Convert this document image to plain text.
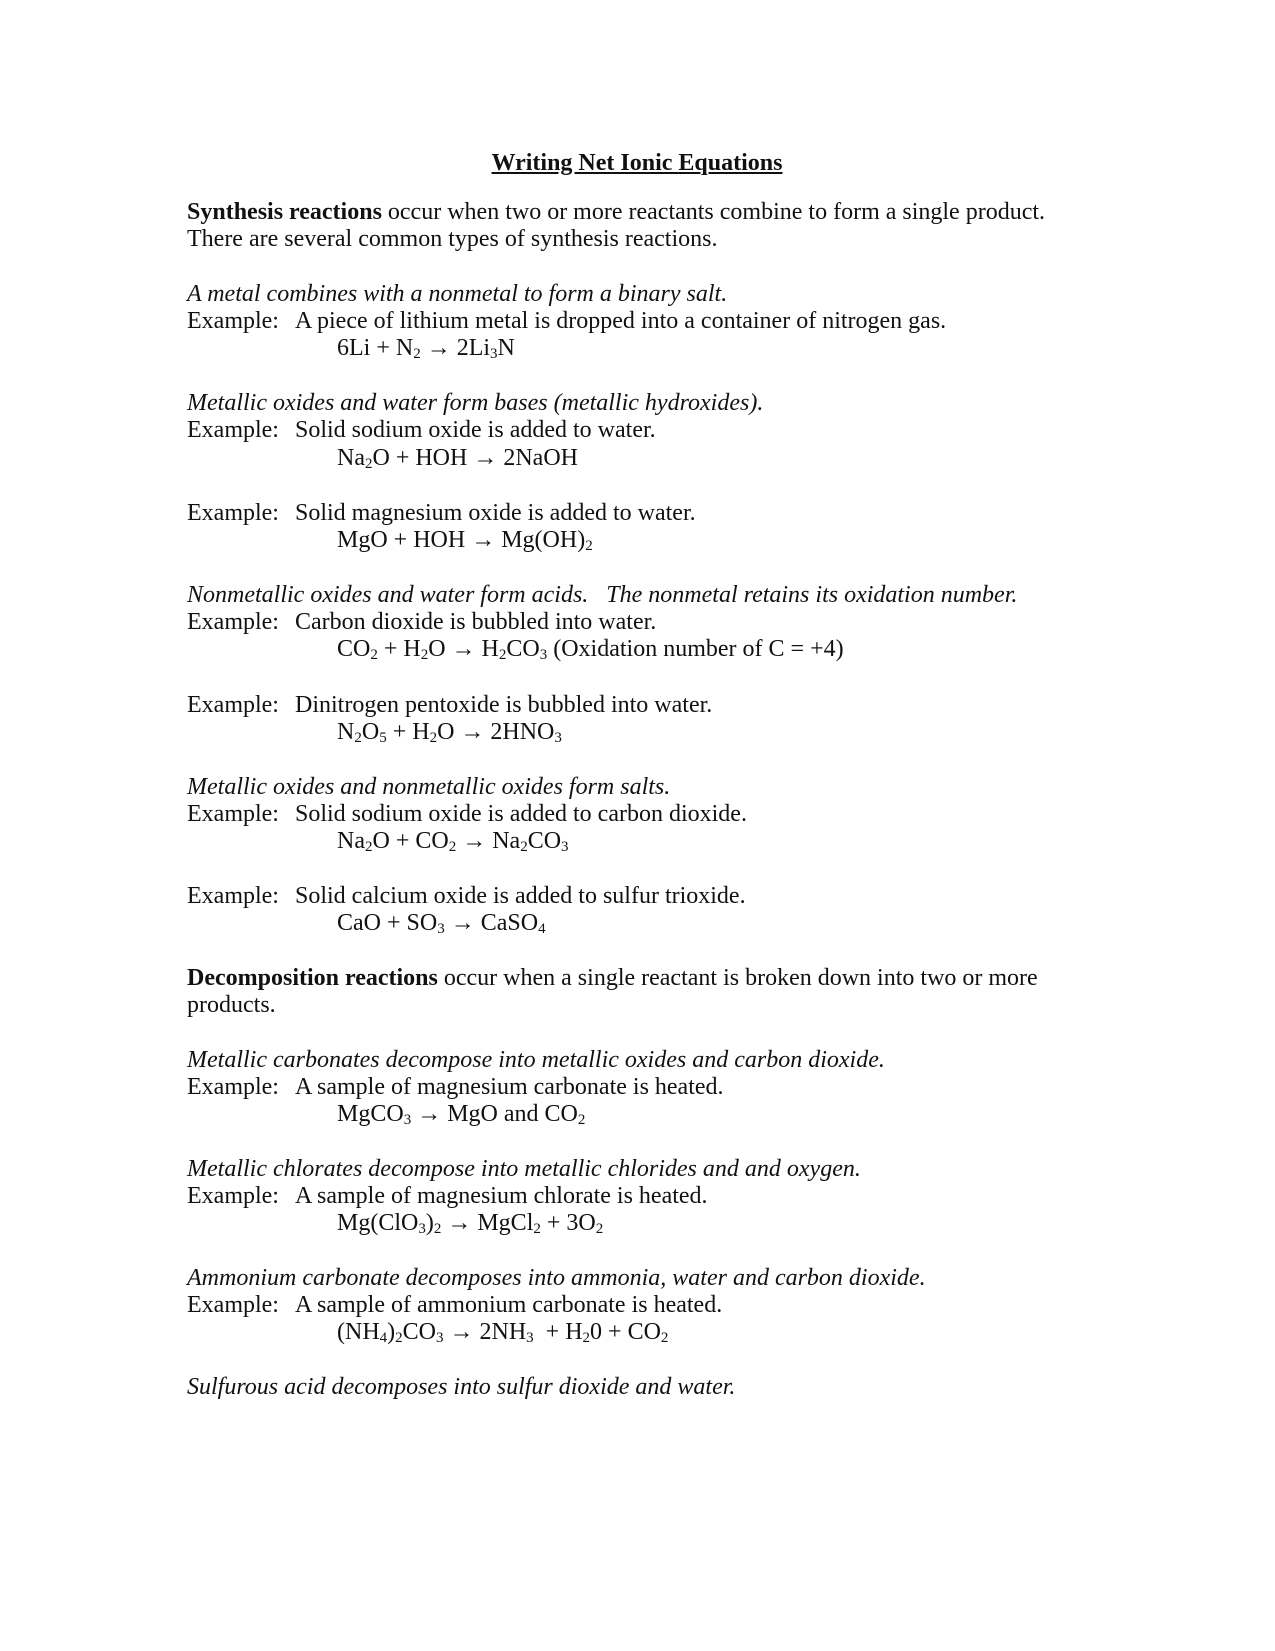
Writing Net Ionic Equations
Synthesis reactions occur when two or more reactants combine to form a single product.
There are several common types of synthesis reactions.
A metal combines with a nonmetal to form a binary salt.
Example: A piece of lithium metal is dropped into a container of nitrogen gas.
$6Li + N_2 \to 2Li_3N$
Metallic oxides and water form bases (metallic hydroxides).
Example: Solid sodium oxide is added to water.
$Na_2O$ + HOH → 2NaOH
Example: Solid magnesium oxide is added to water.
MgO + HOH → $Mg(OH)_2$
Nonmetallic oxides and water form acids.   The nonmetal retains its oxidation number.
Example: Carbon dioxide is bubbled into water.
$CO_2 + H_2O \to H_2CO_3$ (Oxidation number of C = +4)
Example: Dinitrogen pentoxide is bubbled into water.
$N_2O_5 + H_2O \to 2HNO_3$
Metallic oxides and nonmetallic oxides form salts.
Example: Solid sodium oxide is added to carbon dioxide.
$Na_2O + CO_2 \to Na_2CO_3$
Example: Solid calcium oxide is added to sulfur trioxide.
CaO + $SO_3$ → CaSO$_4$
Decomposition reactions occur when a single reactant is broken down into two or more
products.
Metallic carbonates decompose into metallic oxides and carbon dioxide.
Example: A sample of magnesium carbonate is heated.
MgCO$_3$ → MgO and $CO_2$
Metallic chlorates decompose into metallic chlorides and and oxygen.
Example: A sample of magnesium chlorate is heated.
$Mg(ClO_3)_2$ → MgCl$_2$ + $3O_2$
Ammonium carbonate decomposes into ammonia, water and carbon dioxide.
Example: A sample of ammonium carbonate is heated.
$(NH_4)_2CO_3 \to 2NH_3 + H_20 + CO_2$
Sulfurous acid decomposes into sulfur dioxide and water.
